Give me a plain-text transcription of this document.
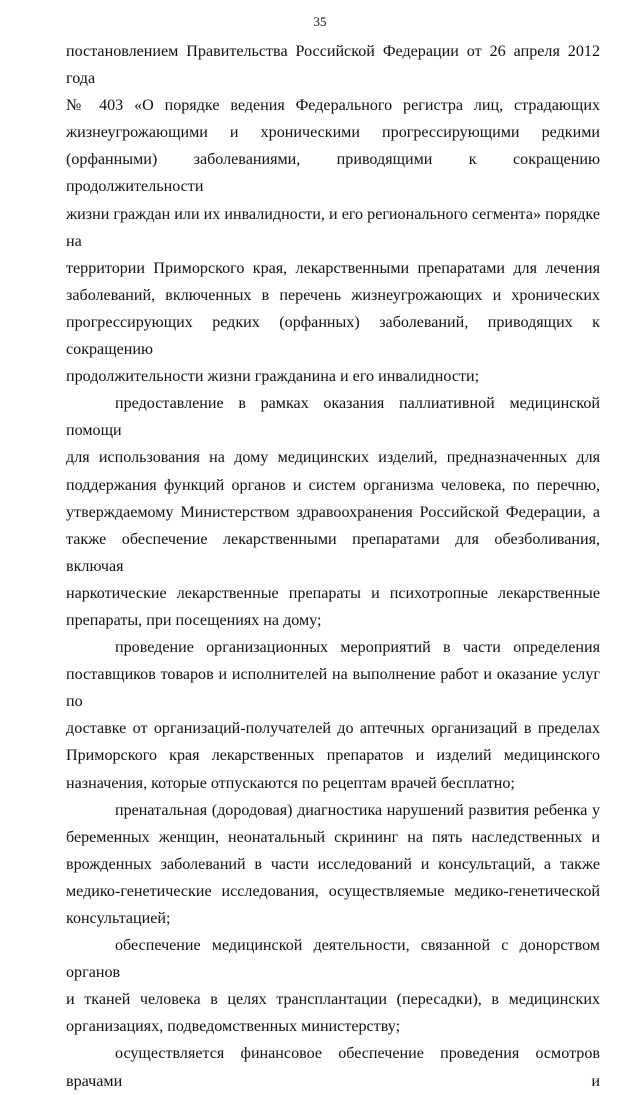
35

постановлением Правительства Российской Федерации от 26 апреля 2012 года

№ 403 «О порядке ведения Федерального регистра лиц, страдающих

жизнеугрожающими и хроническими прогрессирующими редкими

(орфанными) заболеваниями, приводящими к сокращению продолжительности

жизни граждан или их инвалидности, и его регионального сегмента» порядке на

территории Приморского края, лекарственными препаратами для лечения

заболеваний, включенных в перечень жизнеугрожающих и хронических

прогрессирующих редких (орфанных) заболеваний, приводящих к сокращению

продолжительности жизни гражданина и его инвалидности;

предоставление в рамках оказания паллиативной медицинской помощи

для использования на дому медицинских изделий, предназначенных для

поддержания функций органов и систем организма человека, по перечню,

утверждаемому Министерством здравоохранения Российской Федерации, а

также обеспечение лекарственными препаратами для обезболивания, включая

наркотические лекарственные препараты и психотропные лекарственные

препараты, при посещениях на дому;

проведение организационных мероприятий в части определения

поставщиков товаров и исполнителей на выполнение работ и оказание услуг по

доставке от организаций-получателей до аптечных организаций в пределах

Приморского края лекарственных препаратов и изделий медицинского

назначения, которые отпускаются по рецептам врачей бесплатно;

пренатальная (дородовая) диагностика нарушений развития ребенка у

беременных женщин, неонатальный скрининг на пять наследственных и

врожденных заболеваний в части исследований и консультаций, а также

медико-генетические исследования, осуществляемые медико-генетической

консультацией;

обеспечение медицинской деятельности, связанной с донорством органов

и тканей человека в целях трансплантации (пересадки), в медицинских

организациях, подведомственных министерству;

осуществляется финансовое обеспечение проведения осмотров врачами и
